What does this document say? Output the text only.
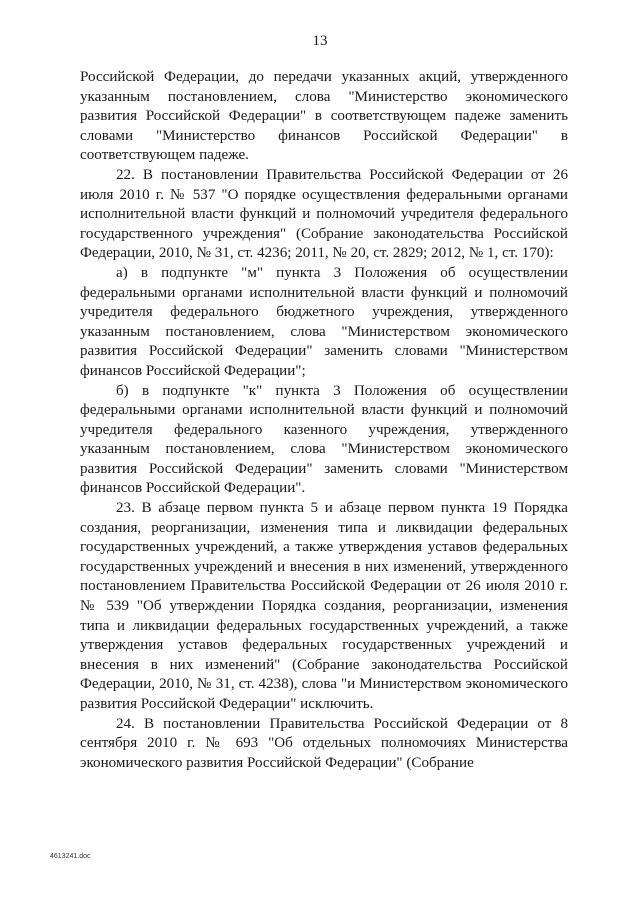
13

Российской Федерации, до передачи указанных акций, утвержденного указанным постановлением, слова "Министерство экономического развития Российской Федерации" в соответствующем падеже заменить словами "Министерство финансов Российской Федерации" в соответствующем падеже.

22. В постановлении Правительства Российской Федерации от 26 июля 2010 г. № 537 "О порядке осуществления федеральными органами исполнительной власти функций и полномочий учредителя федерального государственного учреждения" (Собрание законодательства Российской Федерации, 2010, № 31, ст. 4236; 2011, № 20, ст. 2829; 2012, № 1, ст. 170):

а) в подпункте "м" пункта 3 Положения об осуществлении федеральными органами исполнительной власти функций и полномочий учредителя федерального бюджетного учреждения, утвержденного указанным постановлением, слова "Министерством экономического развития Российской Федерации" заменить словами "Министерством финансов Российской Федерации";

б) в подпункте "к" пункта 3 Положения об осуществлении федеральными органами исполнительной власти функций и полномочий учредителя федерального казенного учреждения, утвержденного указанным постановлением, слова "Министерством экономического развития Российской Федерации" заменить словами "Министерством финансов Российской Федерации".

23. В абзаце первом пункта 5 и абзаце первом пункта 19 Порядка создания, реорганизации, изменения типа и ликвидации федеральных государственных учреждений, а также утверждения уставов федеральных государственных учреждений и внесения в них изменений, утвержденного постановлением Правительства Российской Федерации от 26 июля 2010 г. № 539 "Об утверждении Порядка создания, реорганизации, изменения типа и ликвидации федеральных государственных учреждений, а также утверждения уставов федеральных государственных учреждений и внесения в них изменений" (Собрание законодательства Российской Федерации, 2010, № 31, ст. 4238), слова "и Министерством экономического развития Российской Федерации" исключить.

24. В постановлении Правительства Российской Федерации от 8 сентября 2010 г. № 693 "Об отдельных полномочиях Министерства экономического развития Российской Федерации" (Собрание

4613241.doc
